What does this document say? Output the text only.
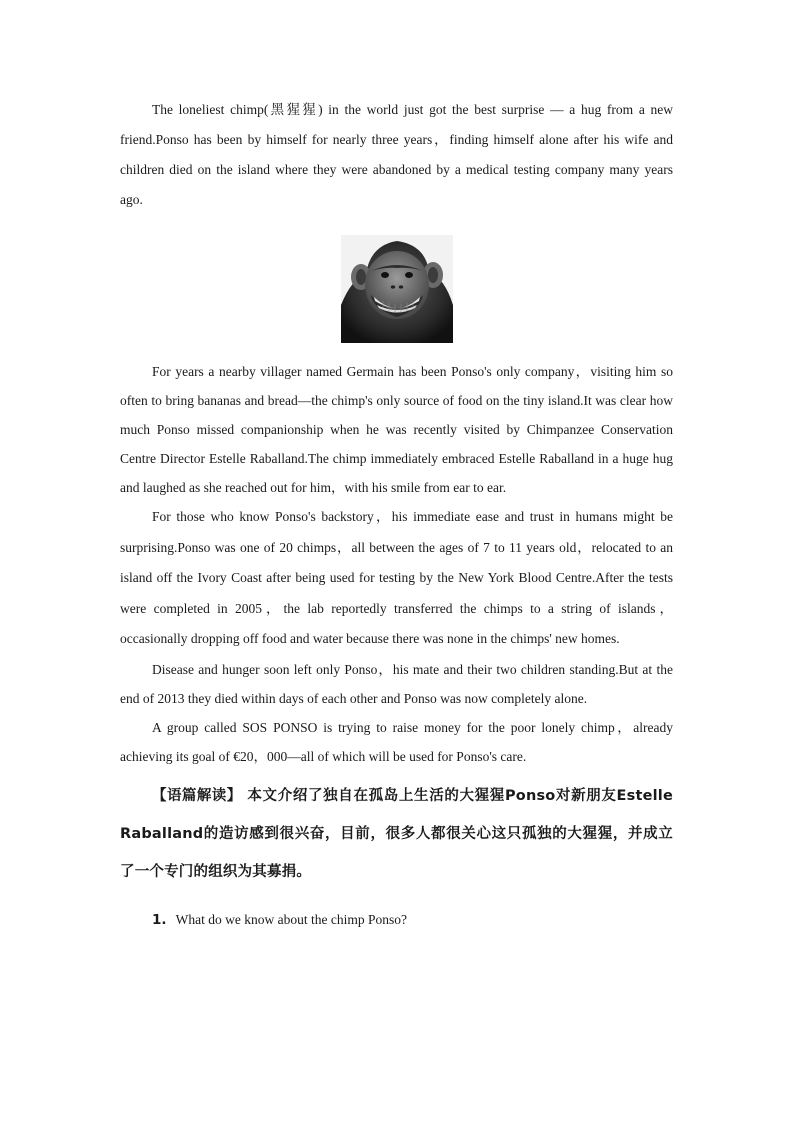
The loneliest chimp(黑猩猩) in the world just got the best surprise — a hug from a new friend.Ponso has been by himself for nearly three years，finding himself alone after his wife and children died on the island where they were abandoned by a medical testing company many years ago.

For years a nearby villager named Germain has been Ponso's only company，visiting him so often to bring bananas and bread—the chimp's only source of food on the tiny island.It was clear how much Ponso missed companionship when he was recently visited by Chimpanzee Conservation Centre Director Estelle Raballand.The chimp immediately embraced Estelle Raballand in a huge hug and laughed as she reached out for him，with his smile from ear to ear.

For those who know Ponso's backstory，his immediate ease and trust in humans might be surprising.Ponso was one of 20 chimps，all between the ages of 7 to 11 years old，relocated to an island off the Ivory Coast after being used for testing by the New York Blood Centre.After the tests were completed in 2005，the lab reportedly transferred the chimps to a string of islands，occasionally dropping off food and water because there was none in the chimps' new homes.

Disease and hunger soon left only Ponso，his mate and their two children standing.But at the end of 2013 they died within days of each other and Ponso was now completely alone.

A group called SOS PONSO is trying to raise money for the poor lonely chimp，already achieving its goal of €20，000—all of which will be used for Ponso's care.

【语篇解读】 本文介绍了独自在孤岛上生活的大猩猩Ponso对新朋友Estelle Raballand的造访感到很兴奋，目前，很多人都很关心这只孤独的大猩猩，并成立了一个专门的组织为其募捐。
1. What do we know about the chimp Ponso?
